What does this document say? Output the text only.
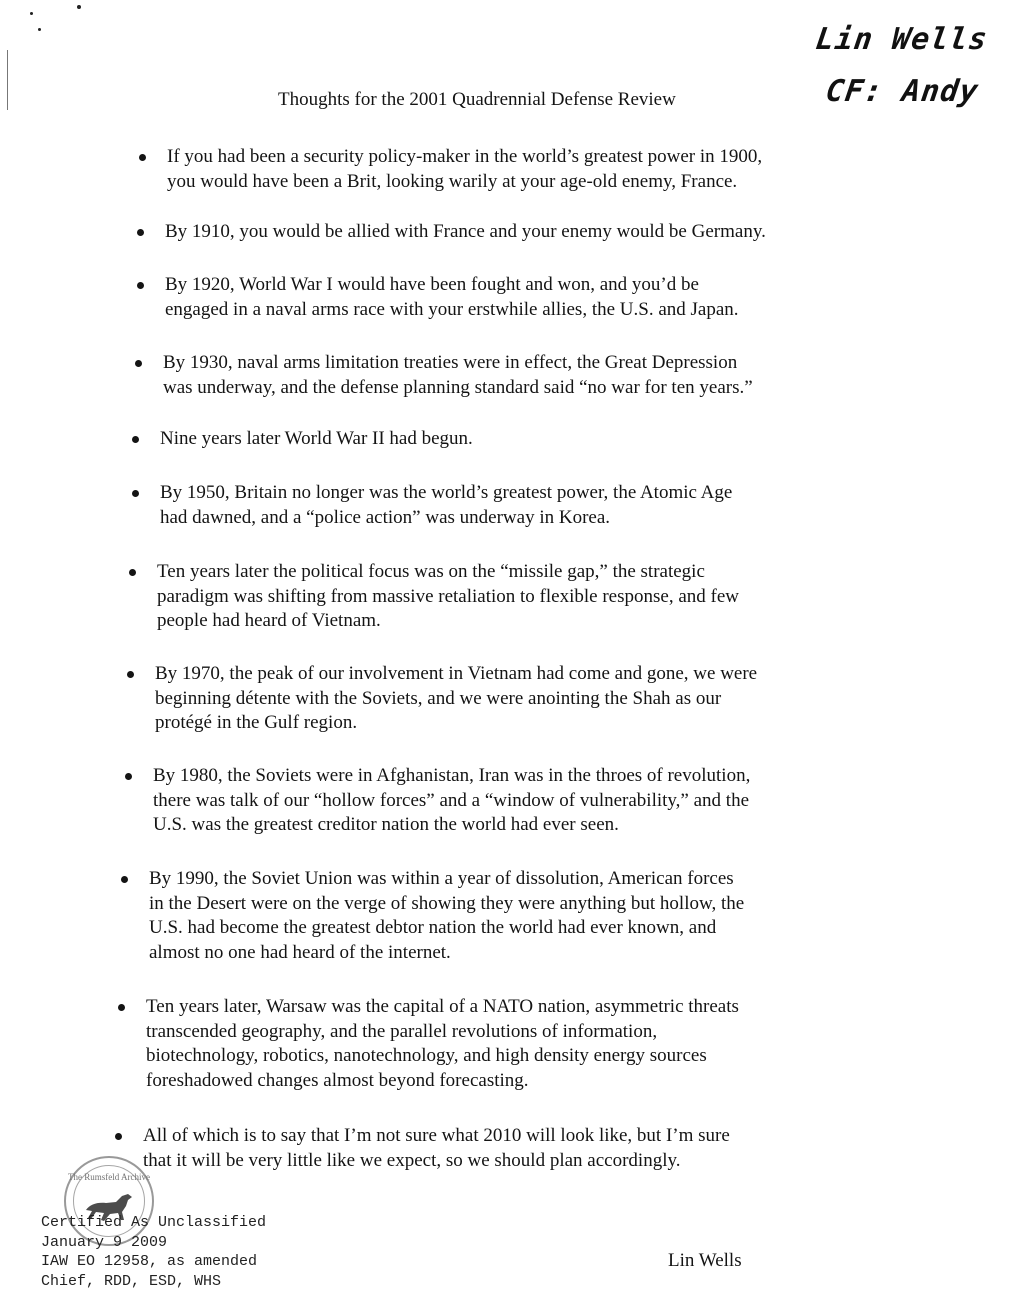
Thoughts for the 2001 Quadrennial Defense Review
Lin Wells
CF: Andy
If you had been a security policy-maker in the world’s greatest power in 1900,
you would have been a Brit, looking warily at your age-old enemy, France.
By 1910, you would be allied with France and your enemy would be Germany.
By 1920, World War I would have been fought and won, and you’d be
engaged in a naval arms race with your erstwhile allies, the U.S. and Japan.
By 1930, naval arms limitation treaties were in effect, the Great Depression
was underway, and the defense planning standard said “no war for ten years.”
Nine years later World War II had begun.
By 1950, Britain no longer was the world’s greatest power, the Atomic Age
had dawned, and a “police action” was underway in Korea.
Ten years later the political focus was on the “missile gap,” the strategic
paradigm was shifting from massive retaliation to flexible response, and few
people had heard of Vietnam.
By 1970, the peak of our involvement in Vietnam had come and gone, we were
beginning détente with the Soviets, and we were anointing the Shah as our
protégé in the Gulf region.
By 1980, the Soviets were in Afghanistan, Iran was in the throes of revolution,
there was talk of our “hollow forces” and a “window of vulnerability,” and the
U.S. was the greatest creditor nation the world had ever seen.
By 1990, the Soviet Union was within a year of dissolution, American forces
in the Desert were on the verge of showing they were anything but hollow, the
U.S. had become the greatest debtor nation the world had ever known, and
almost no one had heard of the internet.
Ten years later, Warsaw was the capital of a NATO nation, asymmetric threats
transcended geography, and the parallel revolutions of information,
biotechnology, robotics, nanotechnology, and high density energy sources
foreshadowed changes almost beyond forecasting.
All of which is to say that I’m not sure what 2010 will look like, but I’m sure
that it will be very little like we expect, so we should plan accordingly.
The Rumsfeld Archive
Certified As Unclassified
January 9 2009
IAW EO 12958, as amended
Chief, RDD, ESD, WHS
Lin Wells
